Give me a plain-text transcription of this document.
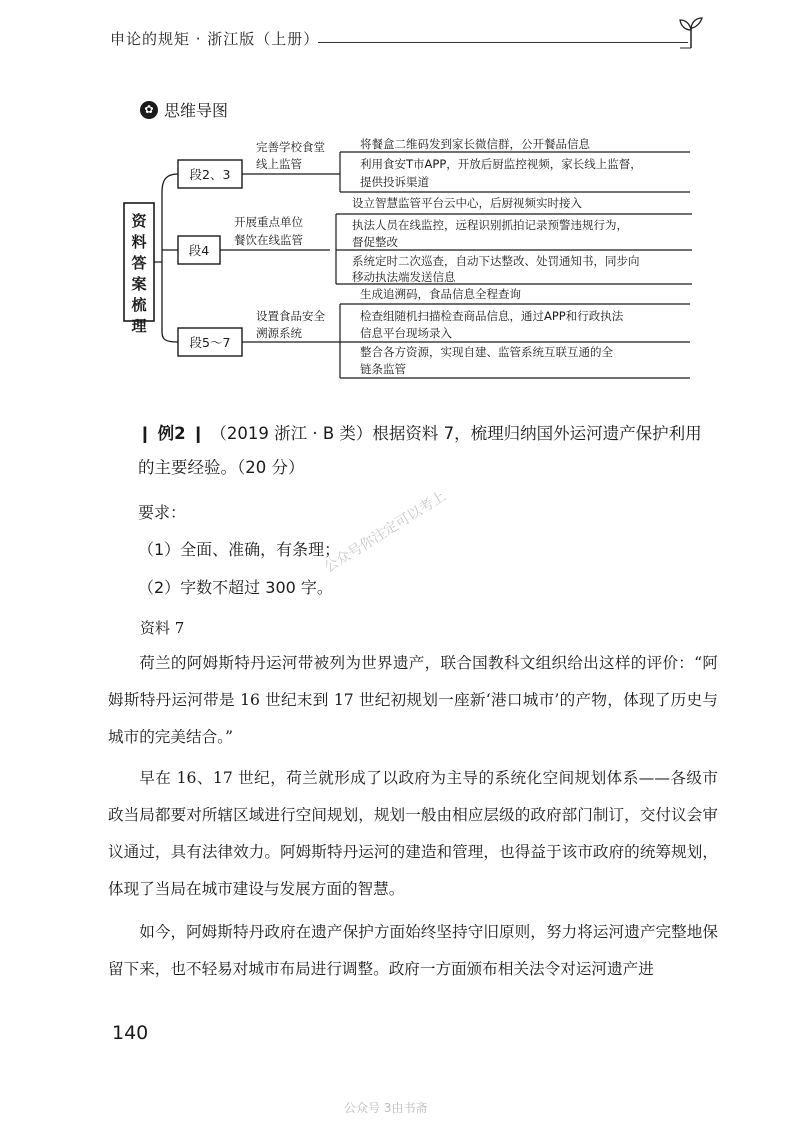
申论的规矩 · 浙江版（上册）
✿ 思维导图
资料答案梳理
段2、3
完善学校食堂
线上监管
将餐盒二维码发到家长微信群，公开餐品信息
利用食安T市APP，开放后厨监控视频，家长线上监督，
提供投诉渠道
段4
开展重点单位
餐饮在线监管
设立智慧监管平台云中心，后厨视频实时接入
执法人员在线监控，远程识别抓拍记录预警违规行为，
督促整改
系统定时二次巡查，自动下达整改、处罚通知书，同步向
移动执法端发送信息
段5～7
设置食品安全
溯源系统
生成追溯码，食品信息全程查询
检查组随机扫描检查商品信息，通过APP和行政执法
信息平台现场录入
整合各方资源，实现自建、监管系统互联互通的全
链条监管
❙ 例2 ❙ （2019 浙江 · B 类）根据资料 7，梳理归纳国外运河遗产保护利用的主要经验。（20 分）
要求：
（1）全面、准确，有条理；
（2）字数不超过 300 字。
公众号你注定可以考上
资料 7

荷兰的阿姆斯特丹运河带被列为世界遗产，联合国教科文组织给出这样的评价：“阿姆斯特丹运河带是 16 世纪末到 17 世纪初规划一座新‘港口城市’的产物，体现了历史与城市的完美结合。”

早在 16、17 世纪，荷兰就形成了以政府为主导的系统化空间规划体系——各级市政当局都要对所辖区域进行空间规划，规划一般由相应层级的政府部门制订，交付议会审议通过，具有法律效力。阿姆斯特丹运河的建造和管理，也得益于该市政府的统筹规划，体现了当局在城市建设与发展方面的智慧。

如今，阿姆斯特丹政府在遗产保护方面始终坚持守旧原则，努力将运河遗产完整地保留下来，也不轻易对城市布局进行调整。政府一方面颁布相关法令对运河遗产进

140
公众号 3由书斋
